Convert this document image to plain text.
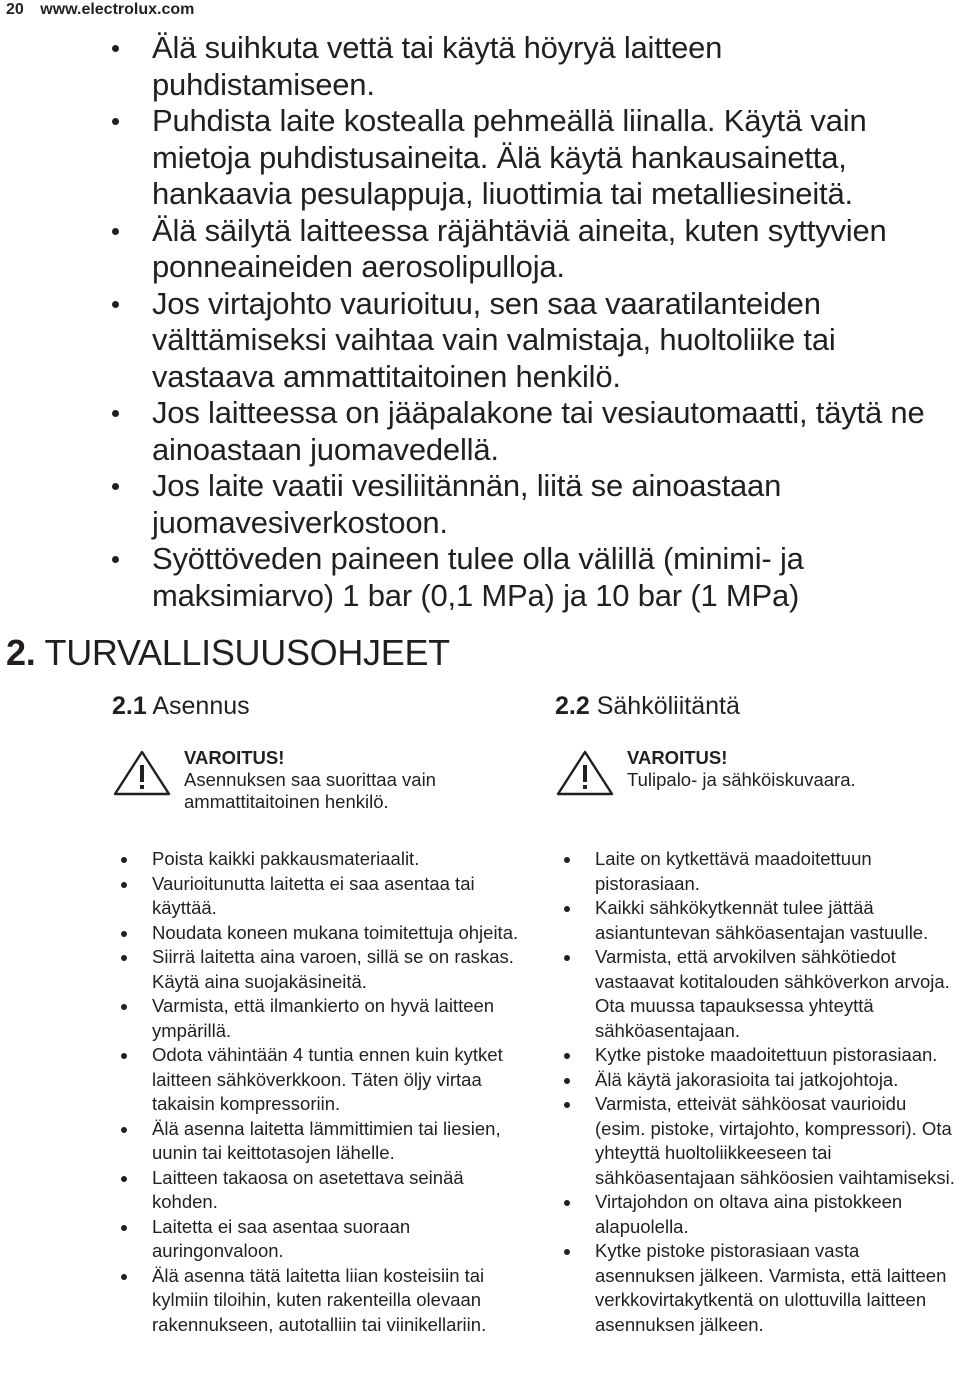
20 www.electrolux.com
Älä suihkuta vettä tai käytä höyryä laitteen puhdistamiseen.
Puhdista laite kostealla pehmeällä liinalla. Käytä vain mietoja puhdistusaineita. Älä käytä hankausainetta, hankaavia pesulappuja, liuottimia tai metalliesineitä.
Älä säilytä laitteessa räjähtäviä aineita, kuten syttyvien ponneaineiden aerosolipulloja.
Jos virtajohto vaurioituu, sen saa vaaratilanteiden välttämiseksi vaihtaa vain valmistaja, huoltoliike tai vastaava ammattitaitoinen henkilö.
Jos laitteessa on jääpalakone tai vesiautomaatti, täytä ne ainoastaan juomavedellä.
Jos laite vaatii vesiliitännän, liitä se ainoastaan juomavesiverkostoon.
Syöttöveden paineen tulee olla välillä (minimi- ja maksimiarvo) 1 bar (0,1 MPa) ja 10 bar (1 MPa)
2. TURVALLISUUSOHJEET
2.1 Asennus
VAROITUS!
Asennuksen saa suorittaa vain ammattitaitoinen henkilö.
Poista kaikki pakkausmateriaalit.
Vaurioitunutta laitetta ei saa asentaa tai käyttää.
Noudata koneen mukana toimitettuja ohjeita.
Siirrä laitetta aina varoen, sillä se on raskas. Käytä aina suojakäsineitä.
Varmista, että ilmankierto on hyvä laitteen ympärillä.
Odota vähintään 4 tuntia ennen kuin kytket laitteen sähköverkkoon. Täten öljy virtaa takaisin kompressoriin.
Älä asenna laitetta lämmittimien tai liesien, uunin tai keittotasojen lähelle.
Laitteen takaosa on asetettava seinää kohden.
Laitetta ei saa asentaa suoraan auringonvaloon.
Älä asenna tätä laitetta liian kosteisiin tai kylmiin tiloihin, kuten rakenteilla olevaan rakennukseen, autotalliin tai viinikellariin.
2.2 Sähköliitäntä
VAROITUS!
Tulipalo- ja sähköiskuvaara.
Laite on kytkettävä maadoitettuun pistorasiaan.
Kaikki sähkökytkennät tulee jättää asiantuntevan sähköasentajan vastuulle.
Varmista, että arvokilven sähkötiedot vastaavat kotitalouden sähköverkon arvoja. Ota muussa tapauksessa yhteyttä sähköasentajaan.
Kytke pistoke maadoitettuun pistorasiaan.
Älä käytä jakorasioita tai jatkojohtoja.
Varmista, etteivät sähköosat vaurioidu (esim. pistoke, virtajohto, kompressori). Ota yhteyttä huoltoliikkeeseen tai sähköasentajaan sähköosien vaihtamiseksi.
Virtajohdon on oltava aina pistokkeen alapuolella.
Kytke pistoke pistorasiaan vasta asennuksen jälkeen. Varmista, että laitteen verkkovirtakytkentä on ulottuvilla laitteen asennuksen jälkeen.
